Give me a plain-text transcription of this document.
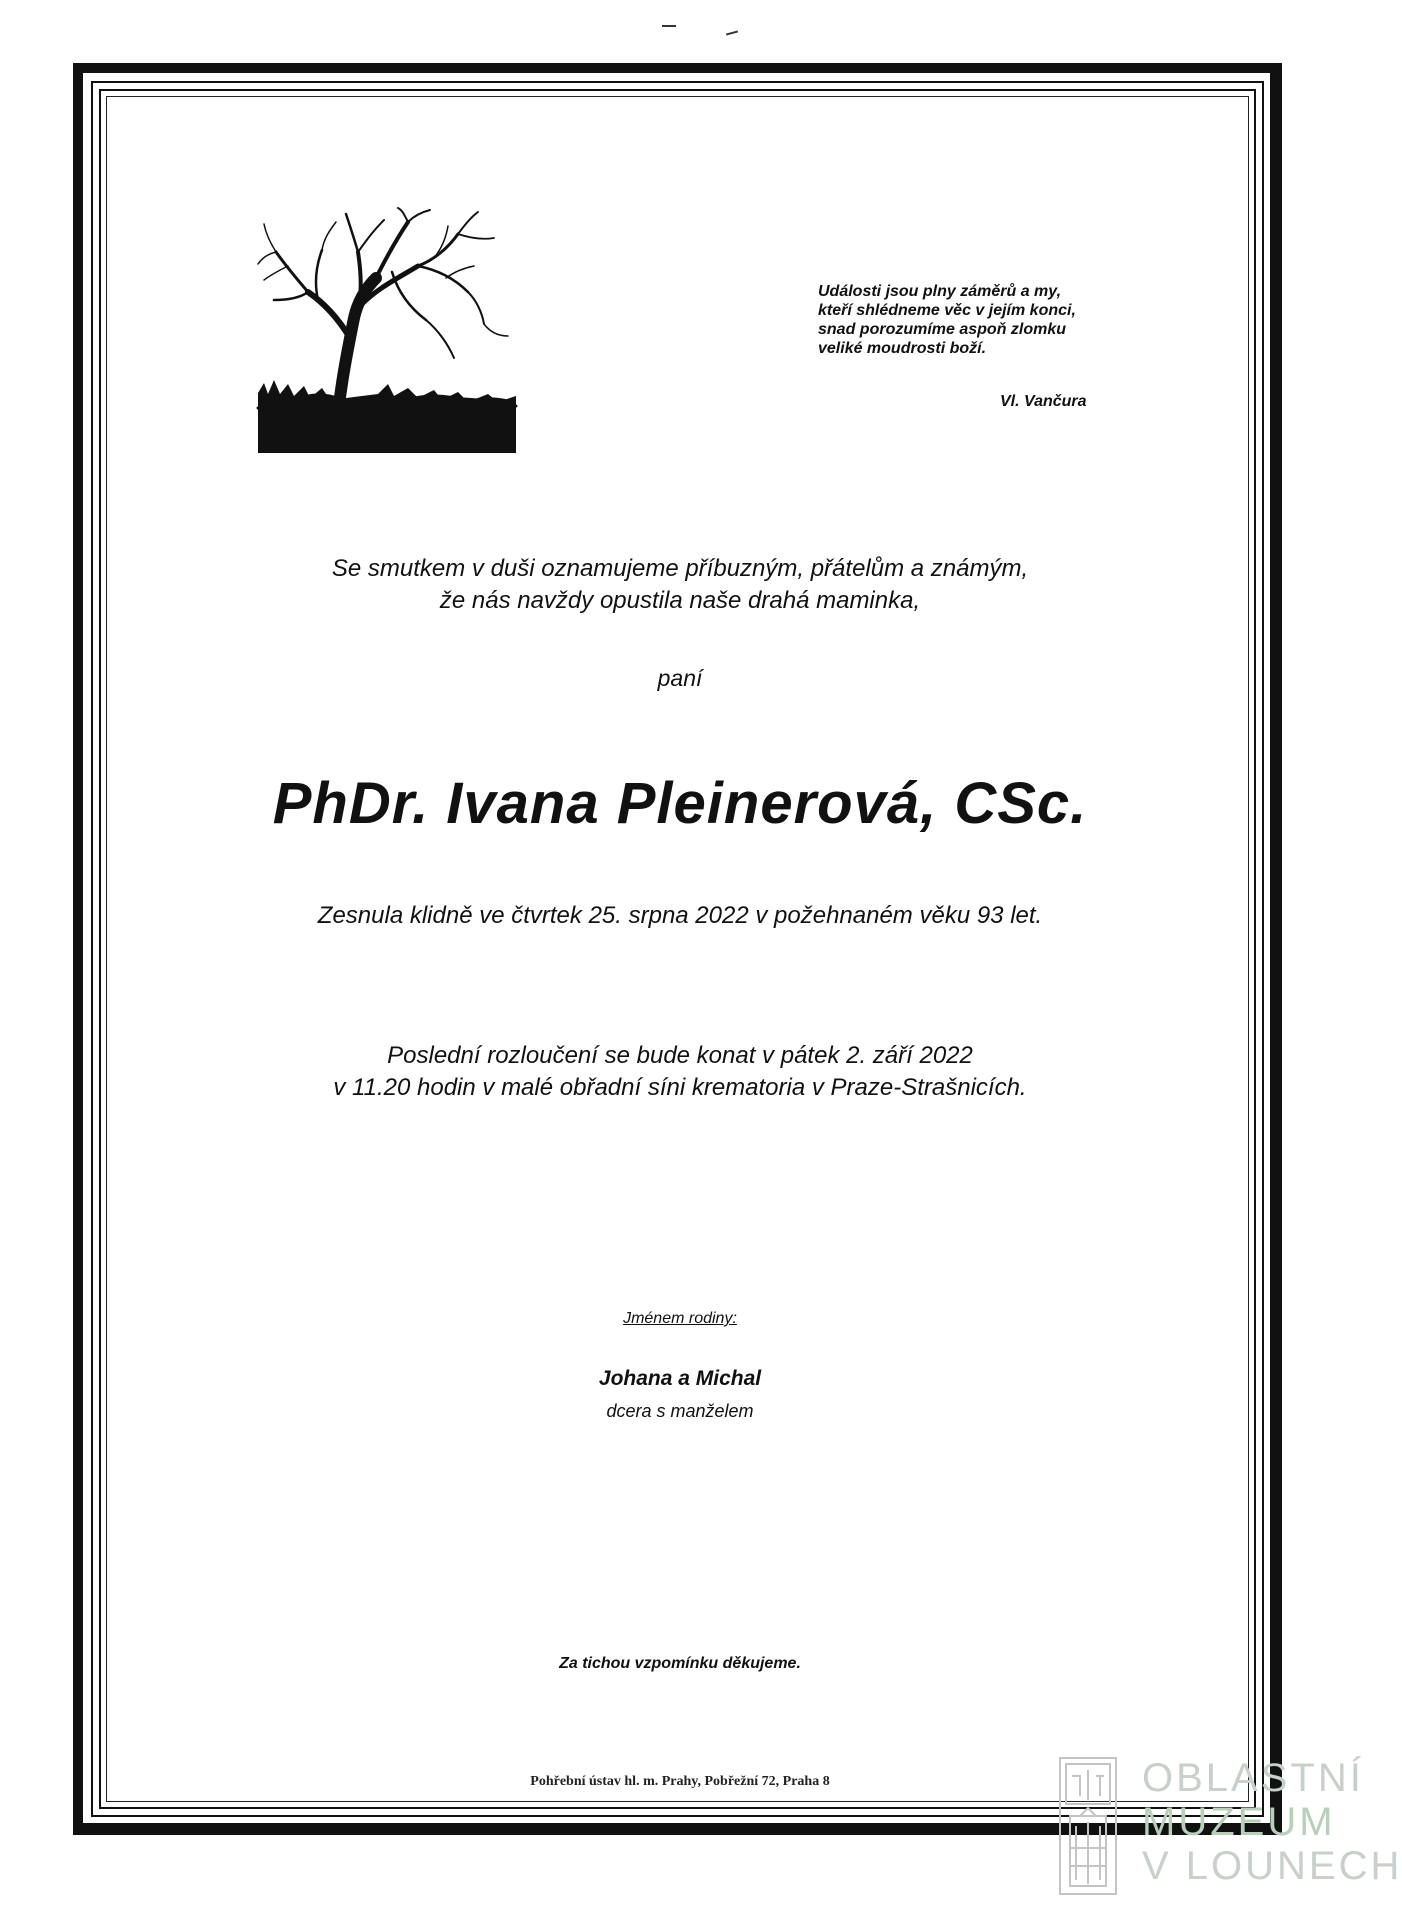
Události jsou plny záměrů a my,
kteří shlédneme věc v jejím konci,
snad porozumíme aspoň zlomku
veliké moudrosti boží.
Vl. Vančura
Se smutkem v duši oznamujeme příbuzným, přátelům a známým,
že nás navždy opustila naše drahá maminka,
paní
PhDr. Ivana Pleinerová, CSc.
Zesnula klidně ve čtvrtek 25. srpna 2022 v požehnaném věku 93 let.
Poslední rozloučení se bude konat v pátek 2. září 2022
v 11.20 hodin v malé obřadní síni krematoria v Praze-Strašnicích.
Jménem rodiny:
Johana a Michal
dcera s manželem
Za tichou vzpomínku děkujeme.
Pohřební ústav hl. m. Prahy, Pobřežní 72, Praha 8	OBLASTNÍ
MUZEUM
V LOUNECH
